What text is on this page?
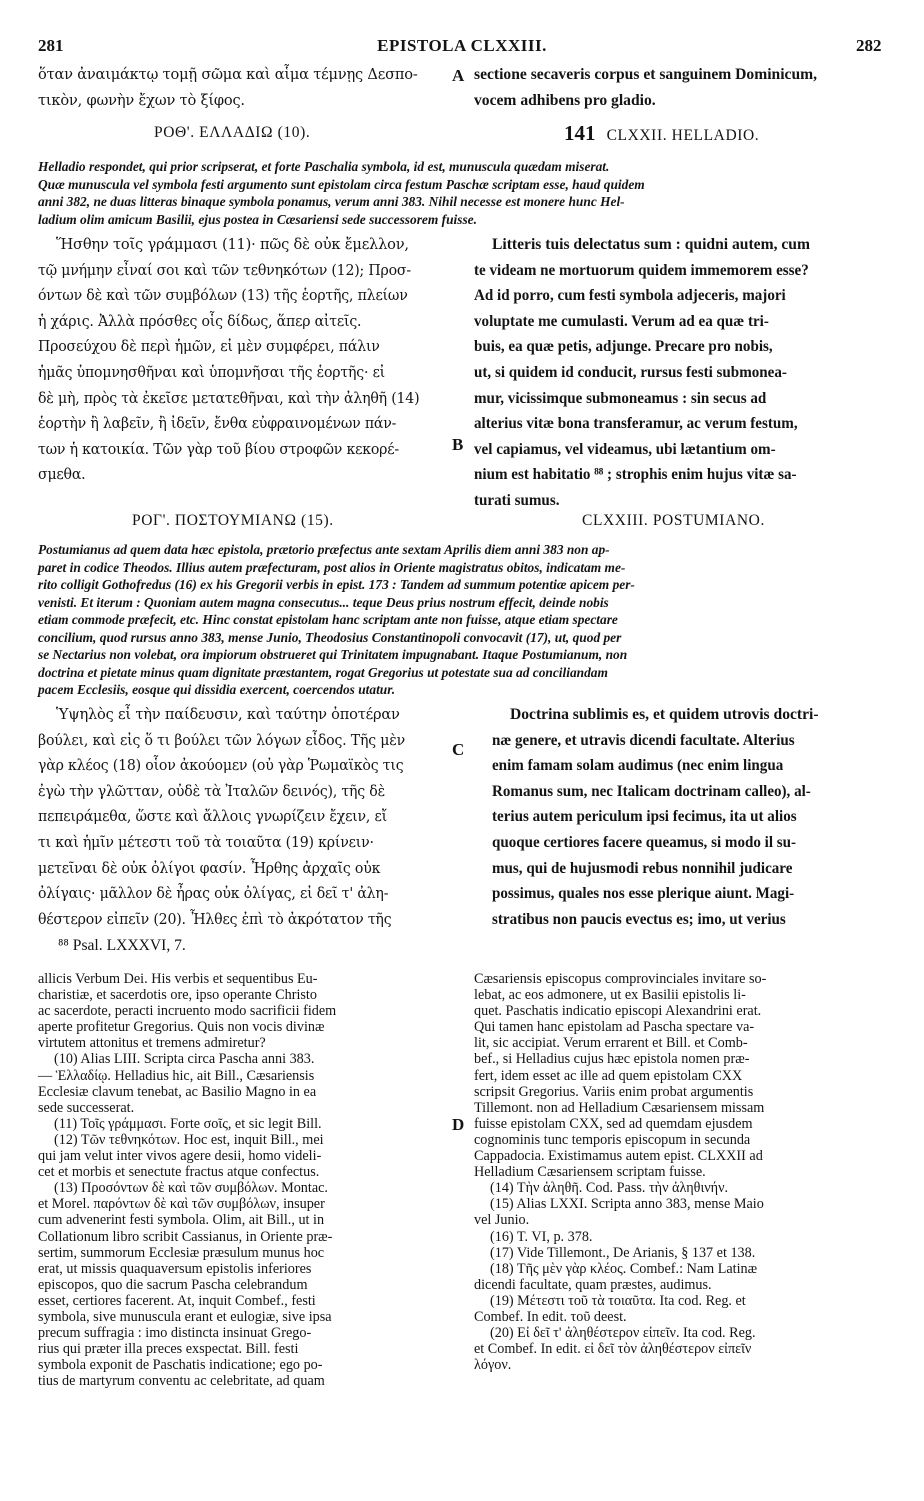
281	EPISTOLA CLXXIII.	282
ὅταν ἀναιμάκτῳ τομῇ σῶμα καὶ αἷμα τέμνῃς Δεσπο-
τικὸν, φωνὴν ἔχων τὸ ξίφος.
A sectione secaveris corpus et sanguinem Dominicum,
vocem adhibens pro gladio.
ΡΟΘ'. ΕΛΛΑΔΙΩ (10).	141 CLXXII. HELLADIO.
Helladio respondet, qui prior scripserat, et forte Paschalia symbola, id est, munuscula quædam miserat.
Quæ munuscula vel symbola festi argumento sunt epistolam circa festum Paschæ scriptam esse, haud quidem
anni 382, ne duas litteras binaque symbola ponamus, verum anni 383. Nihil necesse est monere hunc Hel-
ladium olim amicum Basilii, ejus postea in Cæsariensi sede successorem fuisse.
Ἥσθην τοῖς γράμμασι (11)· πῶς δὲ οὐκ ἔμελλον,
τῷ μνήμην εἶναί σοι καὶ τῶν τεθνηκότων (12); Προσ-
όντων δὲ καὶ τῶν συμβόλων (13) τῆς ἑορτῆς, πλείων
ἡ χάρις. Ἀλλὰ πρόσθες οἷς δίδως, ἅπερ αἰτεῖς.
Προσεύχου δὲ περὶ ἡμῶν, εἰ μὲν συμφέρει, πάλιν
ἡμᾶς ὑπομνησθῆναι καὶ ὑπομνῆσαι τῆς ἑορτῆς· εἰ
δὲ μὴ, πρὸς τὰ ἐκεῖσε μετατεθῆναι, καὶ τὴν ἀληθῆ (14)
ἑορτὴν ἢ λαβεῖν, ἢ ἰδεῖν, ἔνθα εὐφραινομένων πάν-
των ἡ κατοικία. Τῶν γὰρ τοῦ βίου στροφῶν κεκορέ-
σμεθα.
B
Litteris tuis delectatus sum : quidni autem, cum
te videam ne mortuorum quidem immemorem esse?
Ad id porro, cum festi symbola adjeceris, majori
voluptate me cumulasti. Verum ad ea quæ tri-
buis, ea quæ petis, adjunge. Precare pro nobis,
ut, si quidem id conducit, rursus festi submonea-
mur, vicissimque submoneamus : sin secus ad
alterius vitæ bona transferamur, ac verum festum,
vel capiamus, vel videamus, ubi lætantium om-
nium est habitatio ⁸⁸ ; strophis enim hujus vitæ sa-
turati sumus.
ΡΟΓ'. ΠΟΣΤΟΥΜΙΑΝΩ (15).	CLXXIII. POSTUMIANO.
Postumianus ad quem data hæc epistola, prætorio præfectus ante sextam Aprilis diem anni 383 non ap-
paret in codice Theodos. Illius autem præfecturam, post alios in Oriente magistratus obitos, indicatam me-
rito colligit Gothofredus (16) ex his Gregorii verbis in epist. 173 : Tandem ad summum potentiæ apicem per-
venisti. Et iterum : Quoniam autem magna consecutus... teque Deus prius nostrum effecit, deinde nobis
etiam commode præfecit, etc. Hinc constat epistolam hanc scriptam ante non fuisse, atque etiam spectare
concilium, quod rursus anno 383, mense Junio, Theodosius Constantinopoli convocavit (17), ut, quod per
se Nectarius non volebat, ora impiorum obstrueret qui Trinitatem impugnabant. Itaque Postumianum, non
doctrina et pietate minus quam dignitate præstantem, rogat Gregorius ut potestate sua ad conciliandam
pacem Ecclesiis, eosque qui dissidia exercent, coercendos utatur.
Ὑψηλὸς εἶ τὴν παίδευσιν, καὶ ταύτην ὁποτέραν
βούλει, καὶ εἰς ὅ τι βούλει τῶν λόγων εἶδος. Τῆς μὲν
γὰρ κλέος (18) οἷον ἀκούομεν (οὐ γὰρ Ῥωμαϊκὸς τις
ἐγὼ τὴν γλῶτταν, οὐδὲ τὰ Ἰταλῶν δεινός), τῆς δὲ
πεπειράμεθα, ὥστε καὶ ἄλλοις γνωρίζειν ἔχειν, εἴ
τι καὶ ἡμῖν μέτεστι τοῦ τὰ τοιαῦτα (19) κρίνειν·
μετεῖναι δὲ οὐκ ὀλίγοι φασίν. Ἦρθης ἀρχαῖς οὐκ
ὀλίγαις· μᾶλλον δὲ ἦρας οὐκ ὀλίγας, εἰ δεῖ τ' ἀλη-
θέστερον εἰπεῖν (20). Ἦλθες ἐπὶ τὸ ἀκρότατον τῆς
C
Doctrina sublimis es, et quidem utrovis doctri-
næ genere, et utravis dicendi facultate. Alterius
enim famam solam audimus (nec enim lingua
Romanus sum, nec Italicam doctrinam calleo), al-
terius autem periculum ipsi fecimus, ita ut alios
quoque certiores facere queamus, si modo il su-
mus, qui de hujusmodi rebus nonnihil judicare
possimus, quales nos esse plerique aiunt. Magi-
stratibus non paucis evectus es; imo, ut verius
⁸⁸ Psal. LXXXVI, 7.
allicis Verbum Dei. His verbis et sequentibus Eu-
charistiæ, et sacerdotis ore, ipso operante Christo
ac sacerdote, peracti incruento modo sacrificii fidem
aperte profitetur Gregorius. Quis non vocis divinæ
virtutem attonitus et tremens admiretur?
(10) Alias LIII. Scripta circa Pascha anni 383.
— Ἑλλαδίῳ. Helladius hic, ait Bill., Cæsariensis
Ecclesiæ clavum tenebat, ac Basilio Magno in ea
sede successerat.
(11) Τοῖς γράμμασι. Forte σοῖς, et sic legit Bill.
(12) Τῶν τεθνηκότων. Hoc est, inquit Bill., mei
qui jam velut inter vivos agere desii, homo videli-
cet et morbis et senectute fractus atque confectus.
(13) Προσόντων δὲ καὶ τῶν συμβόλων. Montac.
et Morel. παρόντων δὲ καὶ τῶν συμβόλων, insuper
cum advenerint festi symbola. Olim, ait Bill., ut in
Collationum libro scribit Cassianus, in Oriente præ-
sertim, summorum Ecclesiæ præsulum munus hoc
erat, ut missis quaquaversum epistolis inferiores
episcopos, quo die sacrum Pascha celebrandum
esset, certiores facerent. At, inquit Combef., festi
symbola, sive munuscula erant et eulogiæ, sive ipsa
precum suffragia : imo distincta insinuat Grego-
rius qui præter illa preces exspectat. Bill. festi
symbola exponit de Paschatis indicatione; ego po-
tius de martyrum conventu ac celebritate, ad quam
D
Cæsariensis episcopus comprovinciales invitare so-
lebat, ac eos admonere, ut ex Basilii epistolis li-
quet. Paschatis indicatio episcopi Alexandrini erat.
Qui tamen hanc epistolam ad Pascha spectare va-
lit, sic accipiat. Verum errarent et Bill. et Comb-
bef., si Helladius cujus hæc epistola nomen præ-
fert, idem esset ac ille ad quem epistolam CXX
scripsit Gregorius. Variis enim probat argumentis
Tillemont. non ad Helladium Cæsariensem missam
fuisse epistolam CXX, sed ad quemdam ejusdem
cognominis tunc temporis episcopum in secunda
Cappadocia. Existimamus autem epist. CLXXII ad
Helladium Cæsariensem scriptam fuisse.
(14) Τὴν ἀληθῆ. Cod. Pass. τὴν ἀληθινήν.
(15) Alias LXXI. Scripta anno 383, mense Maio
vel Junio.
(16) T. VI, p. 378.
(17) Vide Tillemont., De Arianis, § 137 et 138.
(18) Τῆς μὲν γὰρ κλέος. Combef.: Nam Latinæ
dicendi facultate, quam præstes, audimus.
(19) Μέτεστι τοῦ τὰ τοιαῦτα. Ita cod. Reg. et
Combef. In edit. τοῦ deest.
(20) Εἰ δεῖ τ' ἀληθέστερον εἰπεῖν. Ita cod. Reg.
et Combef. In edit. εἰ δεῖ τὸν ἀληθέστερον εἰπεῖν
λόγον.
